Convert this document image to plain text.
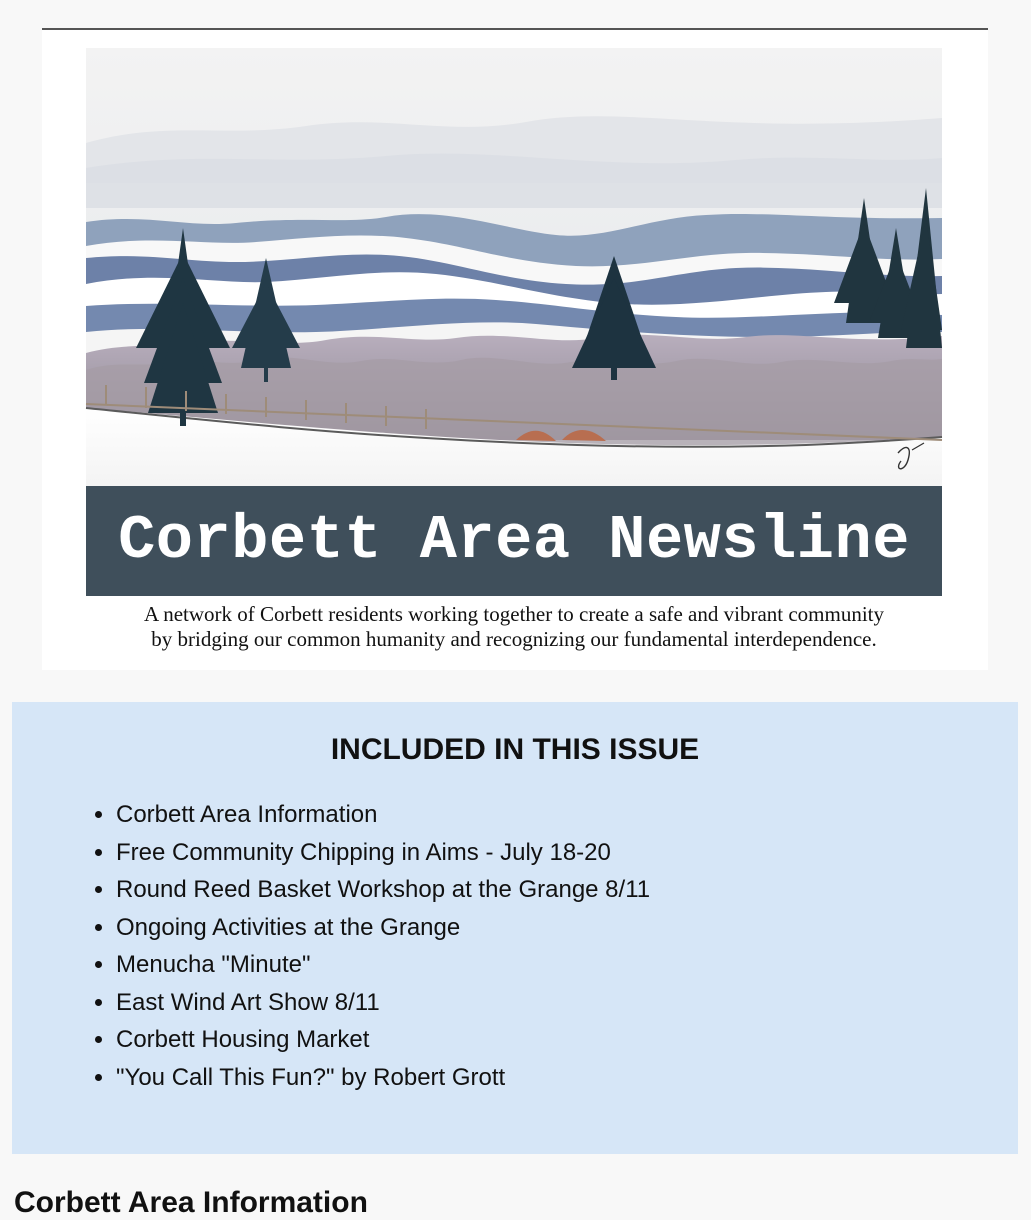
Corbett Area Newsline
A network of Corbett residents working together to create a safe and vibrant community
by bridging our common humanity and recognizing our fundamental interdependence.
INCLUDED IN THIS ISSUE
• Corbett Area Information
• Free Community Chipping in Aims - July 18-20
• Round Reed Basket Workshop at the Grange 8/11
• Ongoing Activities at the Grange
• Menucha "Minute"
• East Wind Art Show 8/11
• Corbett Housing Market
• "You Call This Fun?" by Robert Grott
Corbett Area Information
